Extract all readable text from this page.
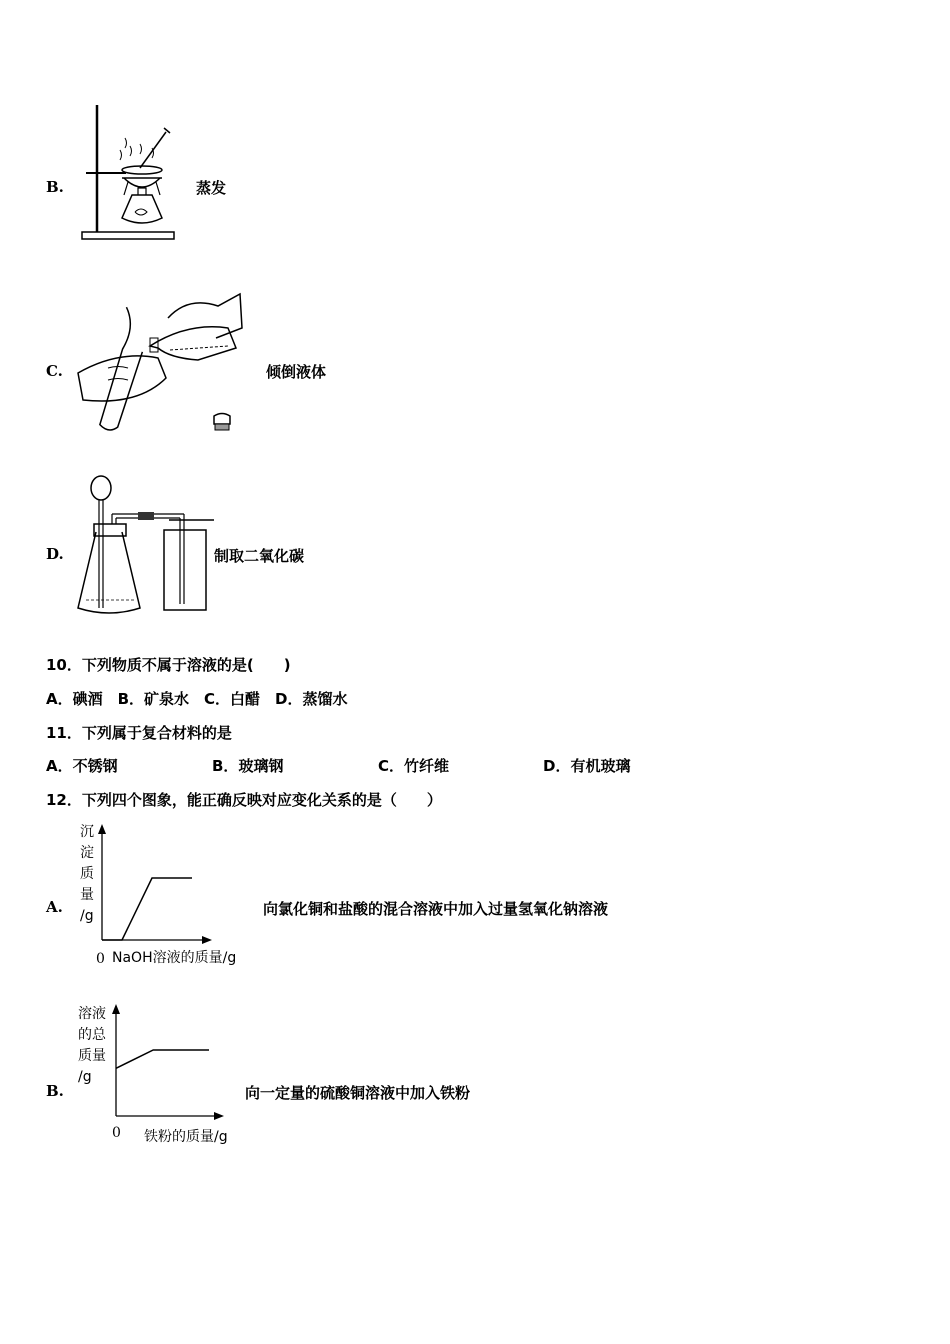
B.	蒸发
C.	倾倒液体
D.	制取二氧化碳
10．下列物质不属于溶液的是(　　)
A．碘酒　B．矿泉水　C．白醋　D．蒸馏水
11．下列属于复合材料的是
A．不锈钢	B．玻璃钢	C．竹纤维	D．有机玻璃
12．下列四个图象，能正确反映对应变化关系的是（　　）
A.
沉
淀
质
量
/g
0 NaOH溶液的质量/g
向氯化铜和盐酸的混合溶液中加入过量氢氧化钠溶液
B.
溶液
的总
质量
/g
0 铁粉的质量/g
向一定量的硫酸铜溶液中加入铁粉
